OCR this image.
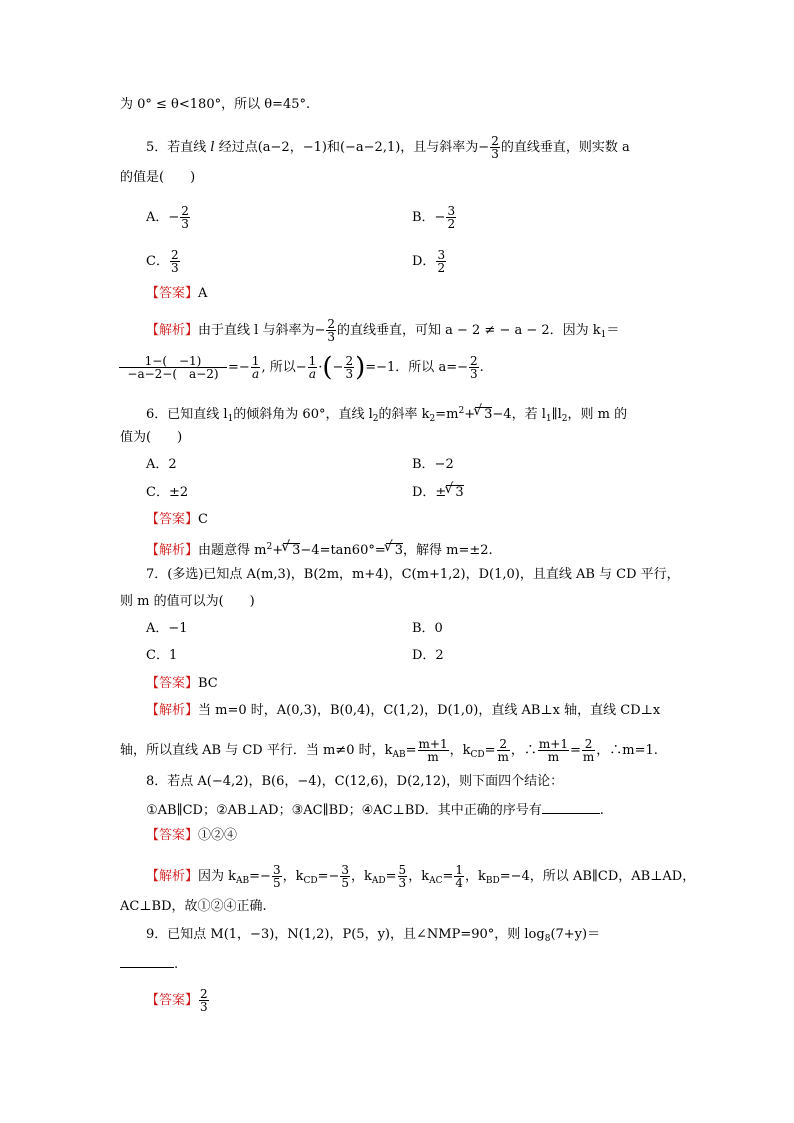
为 0° ≤ θ<180°，所以 θ=45°.
5．若直线 l 经过点(a−2，−1)和(−a−2,1)，且与斜率为− $\frac{2}{3}$ 的直线垂直，则实数 a
的值是(　　)
A．− $\frac{2}{3}$	B．− $\frac{3}{2}$
C． $\frac{2}{3}$	D． $\frac{3}{2}$
【答案】A
【解析】由于直线 l 与斜率为− $\frac{2}{3}$ 的直线垂直，可知 a − 2 ≠ − a − 2．因为 $k_1=$
$\frac{1-( -1)}{-a-2-( a-2)} =- \frac{1}{a}$ , 所以− $\frac{1}{a}$ ·(− $\frac{2}{3} )=-1$．所以 $a=- \frac{2}{3}$ .
6．已知直线 $l_1$的倾斜角为 60°，直线 $l_2$的斜率 $k_2=m^2+√$ 3−4，若 $l_1\parallel l_2$，则 m 的
值为(　　)
A．2	B．−2
C．±2	D．±√ 3
【答案】C
【解析】由题意得 $m^2+√$ 3−4=tan60°=√ 3，解得 m=±2.
7．(多选)已知点 A(m,3)，B(2m，m+4)，C(m+1,2)，D(1,0)，且直线 AB 与 CD 平行，
则 m 的值可以为(　　)
A．−1	B．0
C．1	D．2
【答案】BC
【解析】当 m=0 时，A(0,3)，B(0,4)，C(1,2)，D(1,0)，直线 AB⊥x 轴，直线 CD⊥x
轴，所以直线 AB 与 CD 平行．当 m≠0 时，$k_{AB}= \frac{m+1}{m}$ ，$k_{CD}= \frac{2}{m}$ ，∴ $\frac{m+1}{m} = \frac{2}{m}$ ，∴m=1.
8．若点 A(−4,2)，B(6，−4)，C(12,6)，D(2,12)，则下面四个结论：
①AB∥CD；②AB⊥AD；③AC∥BD；④AC⊥BD．其中正确的序号有	.
【答案】①②④
【解析】因为 $k_{AB}=- \frac{3}{5}$ ，$k_{CD}=- \frac{3}{5}$ ，$k_{AD}= \frac{5}{3}$ ，$k_{AC}= \frac{1}{4}$ ，$k_{BD}=-4$，所以 AB∥CD，AB⊥AD，
AC⊥BD，故①②④正确.
9．已知点 M(1，−3)，N(1,2)，P(5，y)，且∠NMP=90°，则 $\log_8(7+y)=$
.
【答案】 $\frac{2}{3}$
